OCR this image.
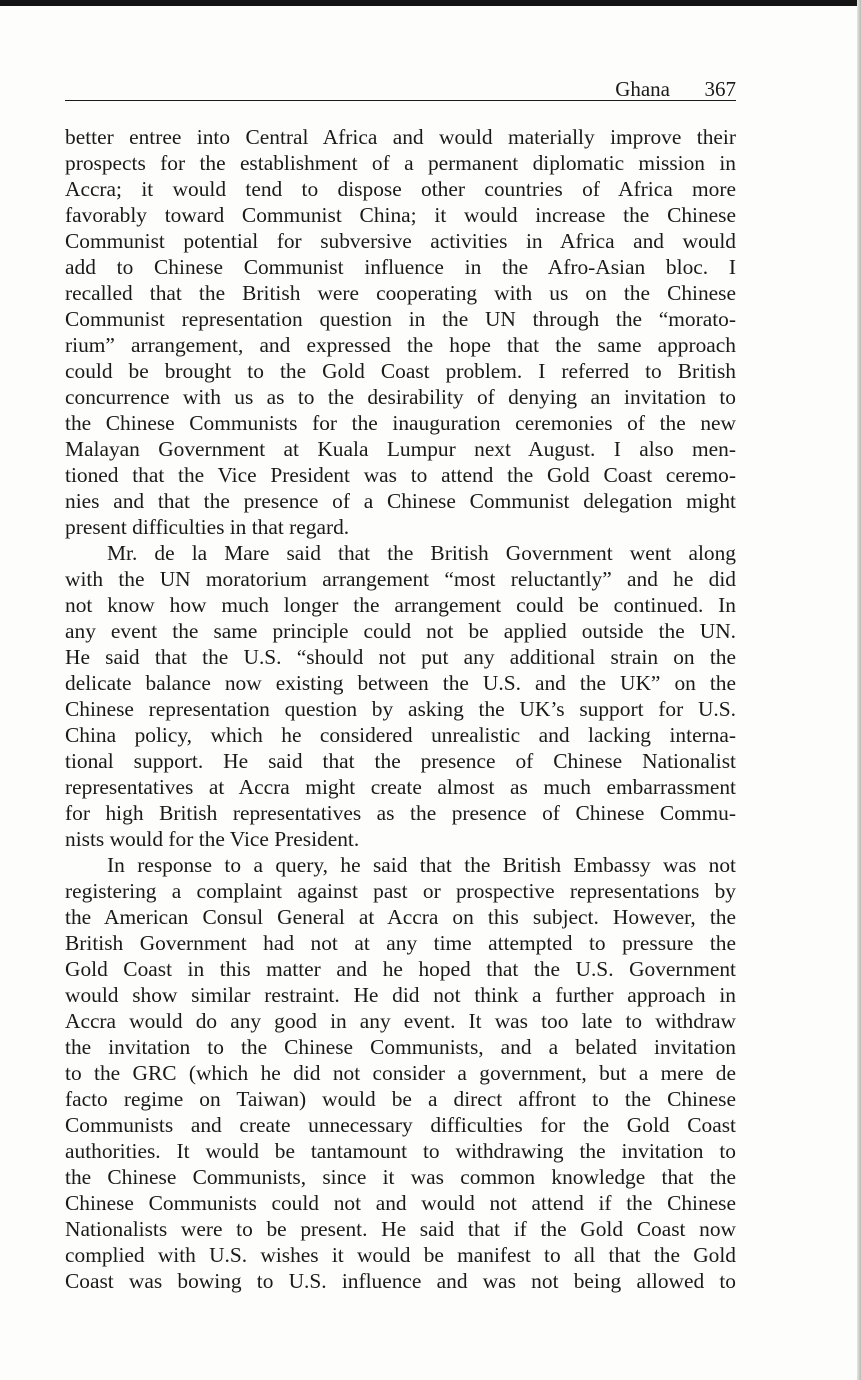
Ghana 367
better entree into Central Africa and would materially improve their
prospects for the establishment of a permanent diplomatic mission in
Accra; it would tend to dispose other countries of Africa more
favorably toward Communist China; it would increase the Chinese
Communist potential for subversive activities in Africa and would
add to Chinese Communist influence in the Afro-Asian bloc. I
recalled that the British were cooperating with us on the Chinese
Communist representation question in the UN through the “morato-
rium” arrangement, and expressed the hope that the same approach
could be brought to the Gold Coast problem. I referred to British
concurrence with us as to the desirability of denying an invitation to
the Chinese Communists for the inauguration ceremonies of the new
Malayan Government at Kuala Lumpur next August. I also men-
tioned that the Vice President was to attend the Gold Coast ceremo-
nies and that the presence of a Chinese Communist delegation might
present difficulties in that regard.
Mr. de la Mare said that the British Government went along
with the UN moratorium arrangement “most reluctantly” and he did
not know how much longer the arrangement could be continued. In
any event the same principle could not be applied outside the UN.
He said that the U.S. “should not put any additional strain on the
delicate balance now existing between the U.S. and the UK” on the
Chinese representation question by asking the UK’s support for U.S.
China policy, which he considered unrealistic and lacking interna-
tional support. He said that the presence of Chinese Nationalist
representatives at Accra might create almost as much embarrassment
for high British representatives as the presence of Chinese Commu-
nists would for the Vice President.
In response to a query, he said that the British Embassy was not
registering a complaint against past or prospective representations by
the American Consul General at Accra on this subject. However, the
British Government had not at any time attempted to pressure the
Gold Coast in this matter and he hoped that the U.S. Government
would show similar restraint. He did not think a further approach in
Accra would do any good in any event. It was too late to withdraw
the invitation to the Chinese Communists, and a belated invitation
to the GRC (which he did not consider a government, but a mere de
facto regime on Taiwan) would be a direct affront to the Chinese
Communists and create unnecessary difficulties for the Gold Coast
authorities. It would be tantamount to withdrawing the invitation to
the Chinese Communists, since it was common knowledge that the
Chinese Communists could not and would not attend if the Chinese
Nationalists were to be present. He said that if the Gold Coast now
complied with U.S. wishes it would be manifest to all that the Gold
Coast was bowing to U.S. influence and was not being allowed to
